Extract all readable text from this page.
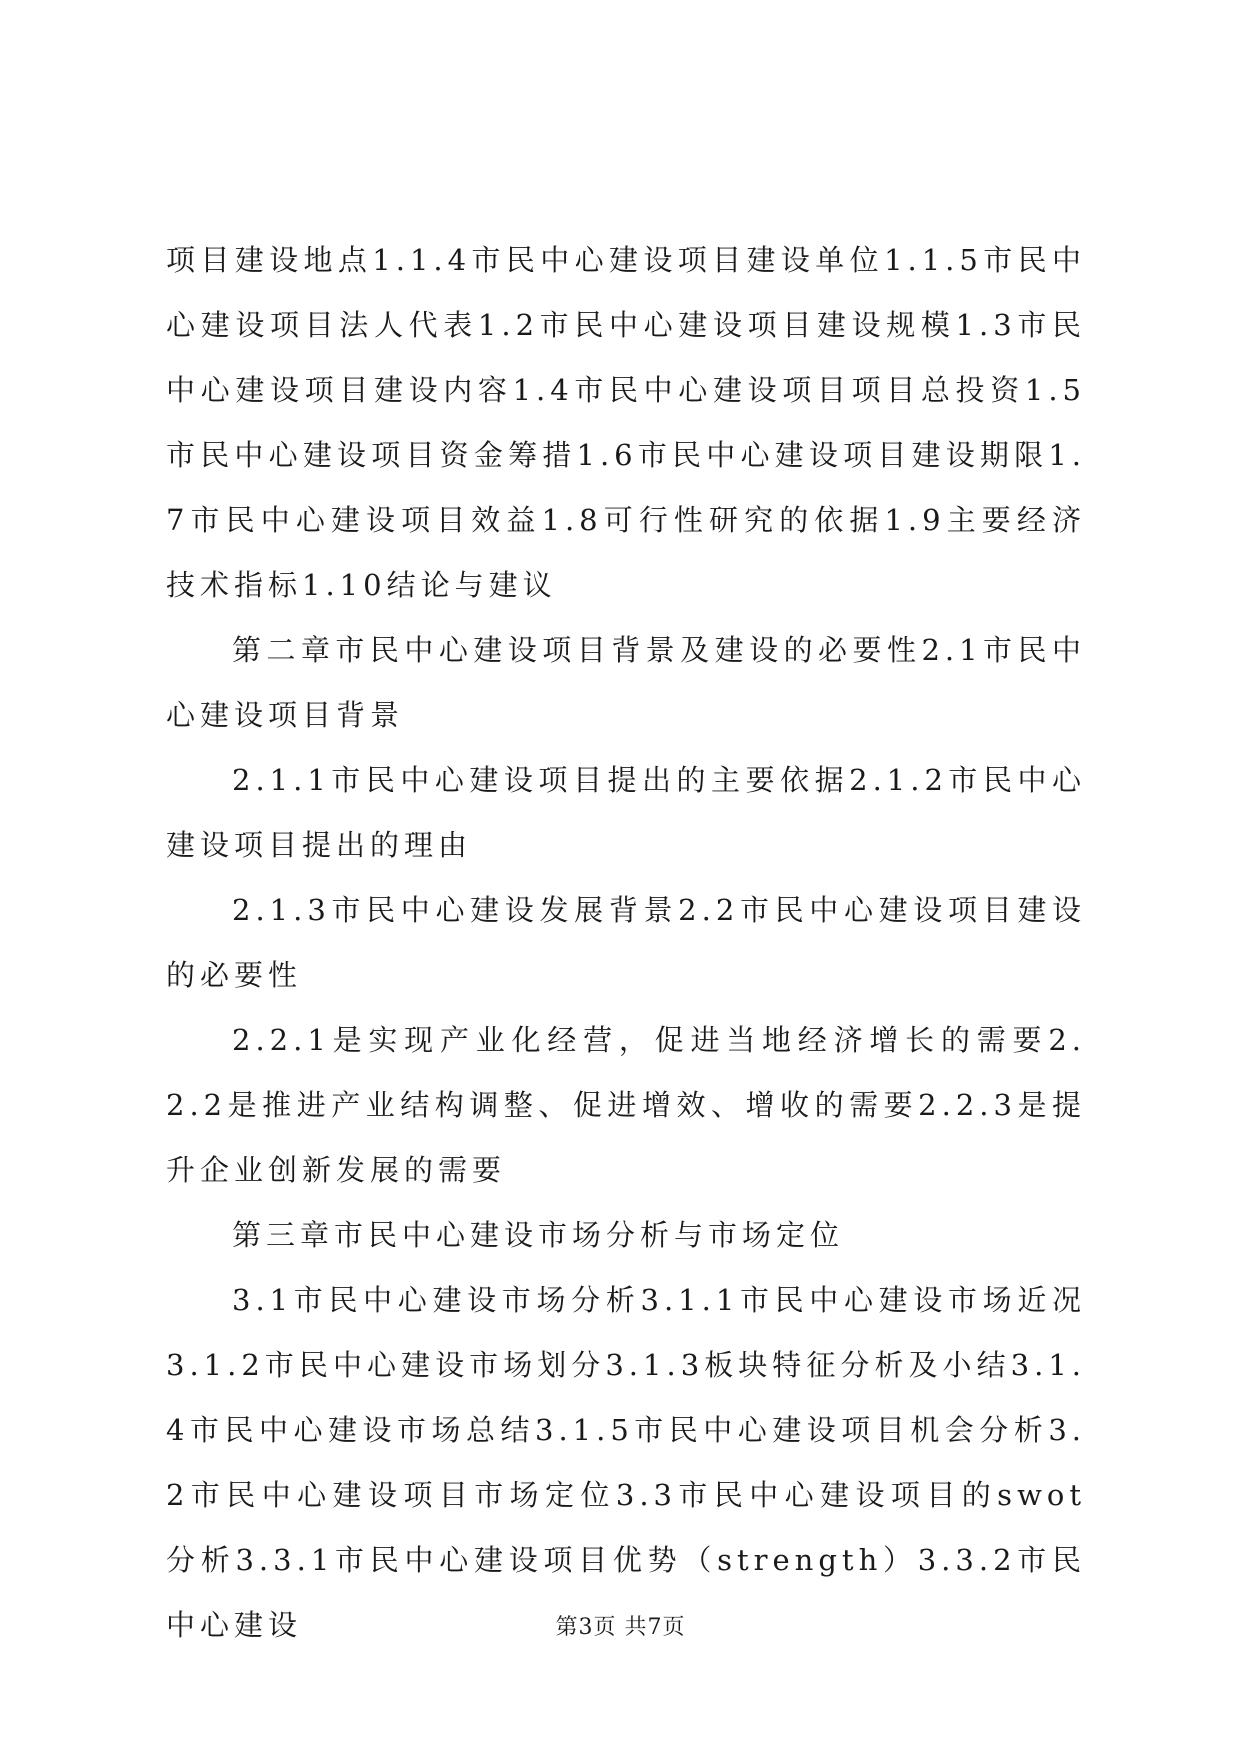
项目建设地点1.1.4市民中心建设项目建设单位1.1.5市民中心建设项目法人代表1.2市民中心建设项目建设规模1.3市民中心建设项目建设内容1.4市民中心建设项目项目总投资1.5市民中心建设项目资金筹措1.6市民中心建设项目建设期限1.7市民中心建设项目效益1.8可行性研究的依据1.9主要经济技术指标1.10结论与建议

第二章市民中心建设项目背景及建设的必要性2.1市民中心建设项目背景

2.1.1市民中心建设项目提出的主要依据2.1.2市民中心建设项目提出的理由

2.1.3市民中心建设发展背景2.2市民中心建设项目建设的必要性

2.2.1是实现产业化经营，促进当地经济增长的需要2.2.2是推进产业结构调整、促进增效、增收的需要2.2.3是提升企业创新发展的需要

第三章市民中心建设市场分析与市场定位

3.1市民中心建设市场分析3.1.1市民中心建设市场近况3.1.2市民中心建设市场划分3.1.3板块特征分析及小结3.1.4市民中心建设市场总结3.1.5市民中心建设项目机会分析3.2市民中心建设项目市场定位3.3市民中心建设项目的swot分析3.3.1市民中心建设项目优势（strength）3.3.2市民中心建设	第3页 共7页
